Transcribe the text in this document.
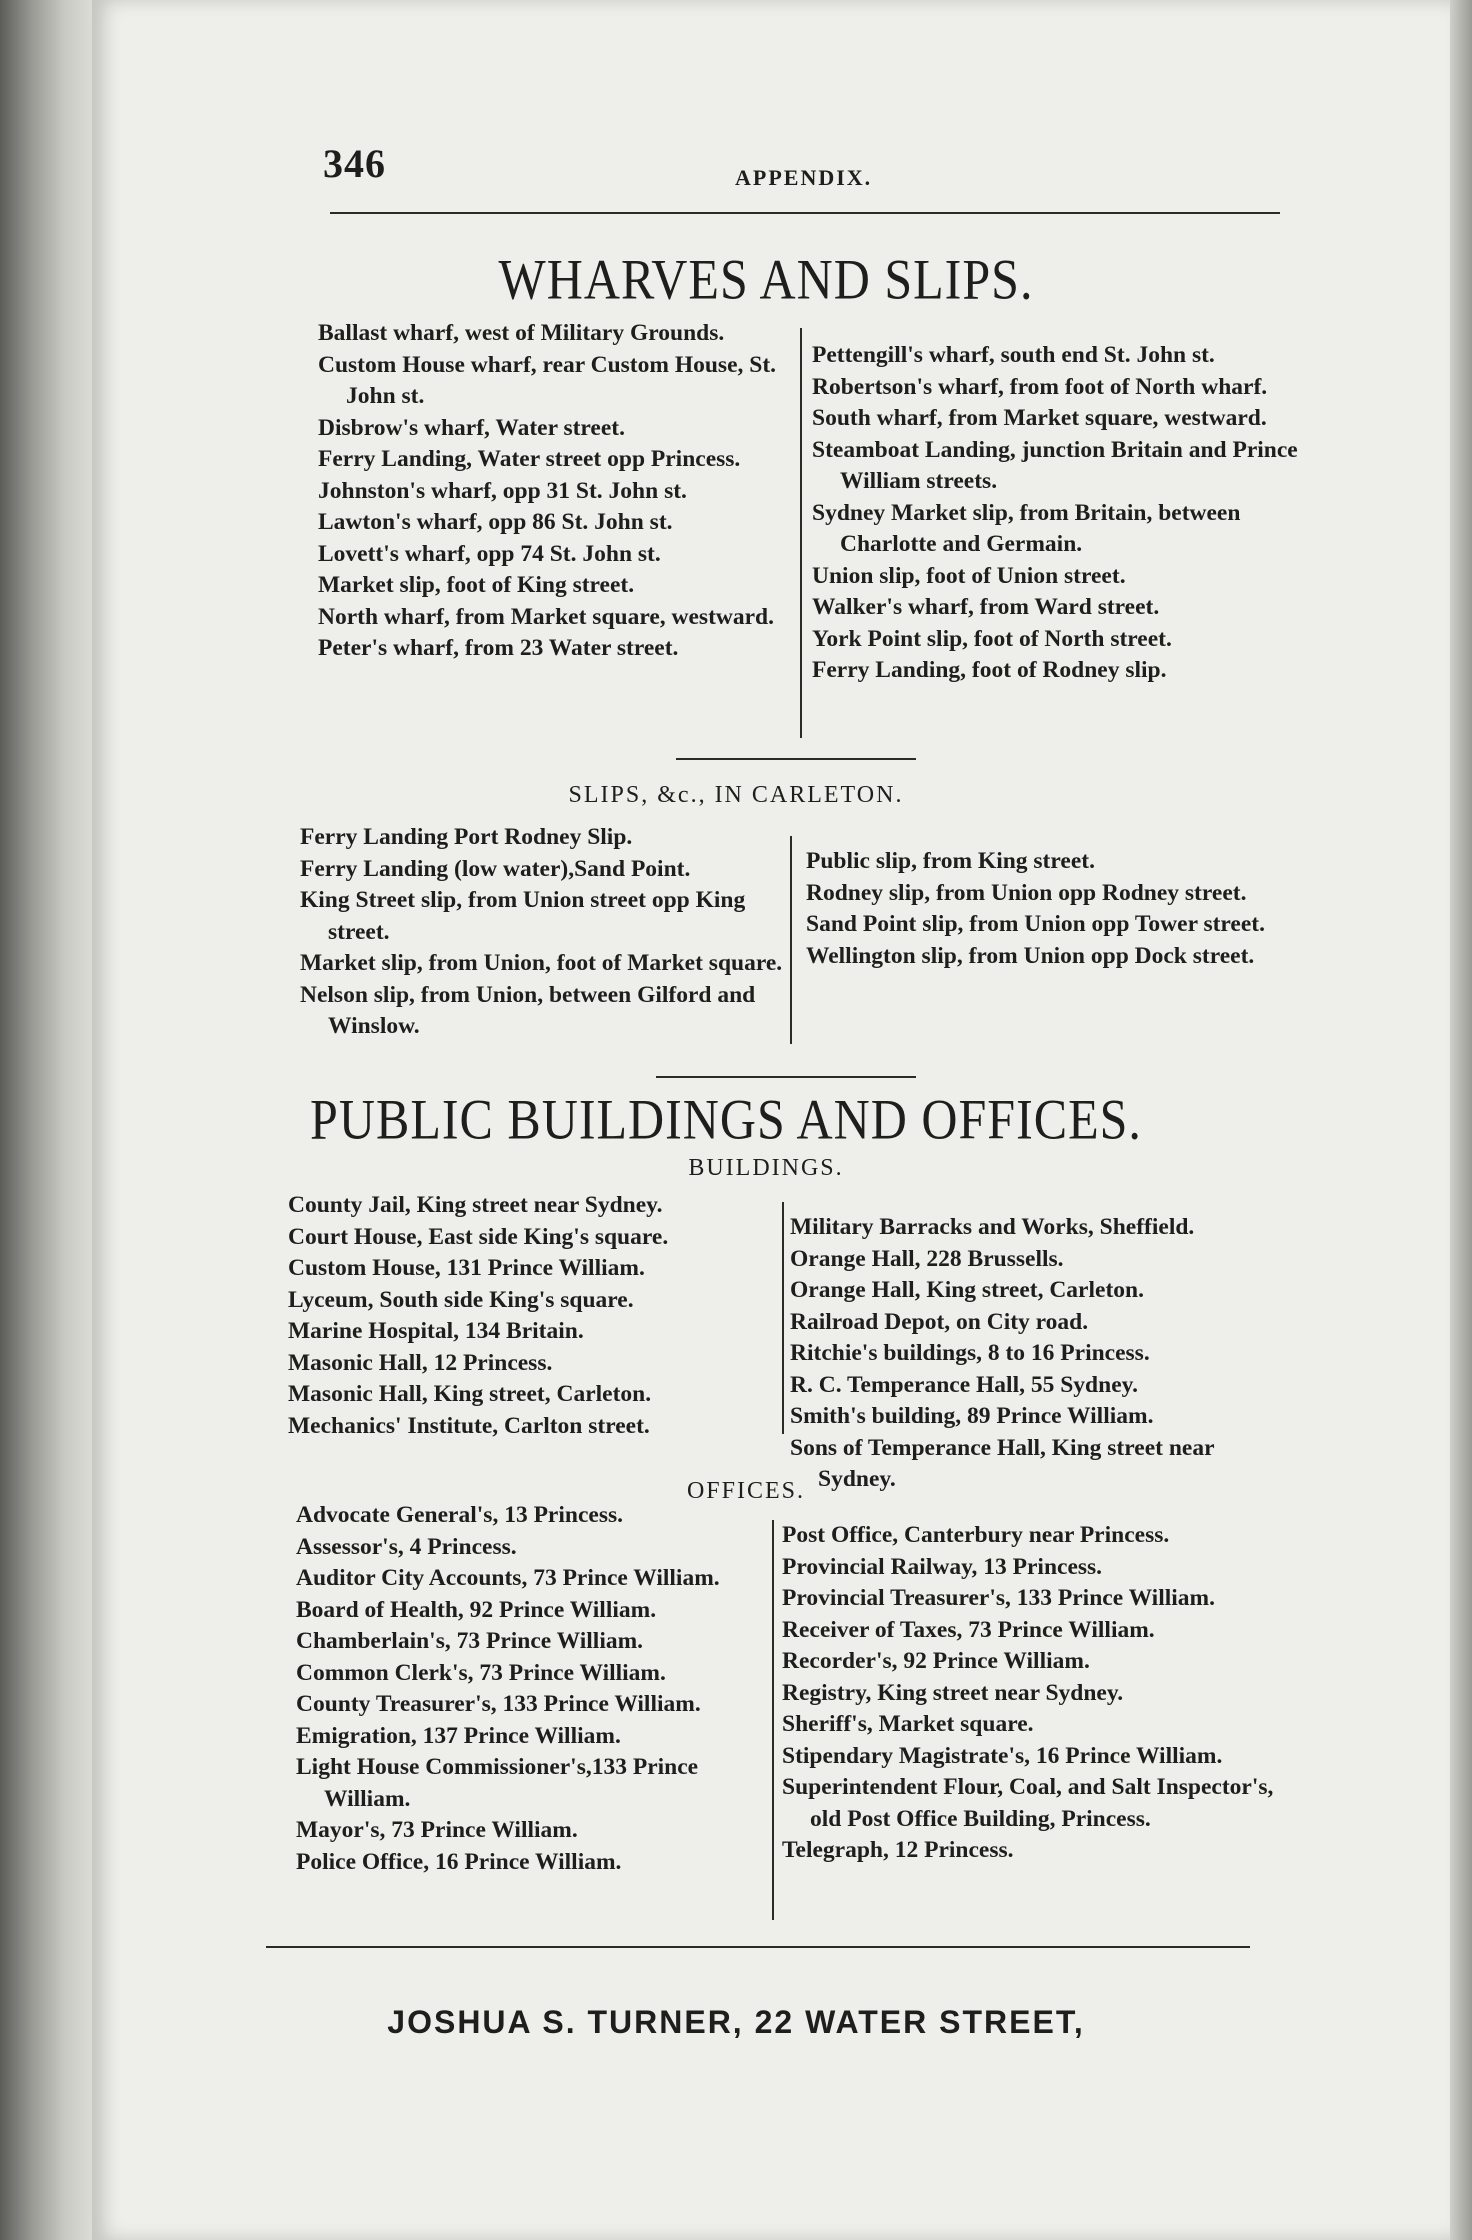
346	APPENDIX.
WHARVES AND SLIPS.
Ballast wharf, west of Military Grounds.
Custom House wharf, rear Custom House, St. John st.
Disbrow's wharf, Water street.
Ferry Landing, Water street opp Princess.
Johnston's wharf, opp 31 St. John st.
Lawton's wharf, opp 86 St. John st.
Lovett's wharf, opp 74 St. John st.
Market slip, foot of King street.
North wharf, from Market square, westward.
Peter's wharf, from 23 Water street.
Pettengill's wharf, south end St. John st.
Robertson's wharf, from foot of North wharf.
South wharf, from Market square, westward.
Steamboat Landing, junction Britain and Prince William streets.
Sydney Market slip, from Britain, between Charlotte and Germain.
Union slip, foot of Union street.
Walker's wharf, from Ward street.
York Point slip, foot of North street.
Ferry Landing, foot of Rodney slip.
SLIPS, &c., IN CARLETON.
Ferry Landing Port Rodney Slip.
Ferry Landing (low water),Sand Point.
King Street slip, from Union street opp King street.
Market slip, from Union, foot of Market square.
Nelson slip, from Union, between Gilford and Winslow.
Public slip, from King street.
Rodney slip, from Union opp Rodney street.
Sand Point slip, from Union opp Tower street.
Wellington slip, from Union opp Dock street.
PUBLIC BUILDINGS AND OFFICES.
BUILDINGS.
County Jail, King street near Sydney.
Court House, East side King's square.
Custom House, 131 Prince William.
Lyceum, South side King's square.
Marine Hospital, 134 Britain.
Masonic Hall, 12 Princess.
Masonic Hall, King street, Carleton.
Mechanics' Institute, Carlton street.
Military Barracks and Works, Sheffield.
Orange Hall, 228 Brussells.
Orange Hall, King street, Carleton.
Railroad Depot, on City road.
Ritchie's buildings, 8 to 16 Princess.
R. C. Temperance Hall, 55 Sydney.
Smith's building, 89 Prince William.
Sons of Temperance Hall, King street near Sydney.
OFFICES.
Advocate General's, 13 Princess.
Assessor's, 4 Princess.
Auditor City Accounts, 73 Prince William.
Board of Health, 92 Prince William.
Chamberlain's, 73 Prince William.
Common Clerk's, 73 Prince William.
County Treasurer's, 133 Prince William.
Emigration, 137 Prince William.
Light House Commissioner's,133 Prince William.
Mayor's, 73 Prince William.
Police Office, 16 Prince William.
Post Office, Canterbury near Princess.
Provincial Railway, 13 Princess.
Provincial Treasurer's, 133 Prince William.
Receiver of Taxes, 73 Prince William.
Recorder's, 92 Prince William.
Registry, King street near Sydney.
Sheriff's, Market square.
Stipendary Magistrate's, 16 Prince William.
Superintendent Flour, Coal, and Salt Inspector's, old Post Office Building, Princess.
Telegraph, 12 Princess.
JOSHUA S. TURNER, 22 WATER STREET,
